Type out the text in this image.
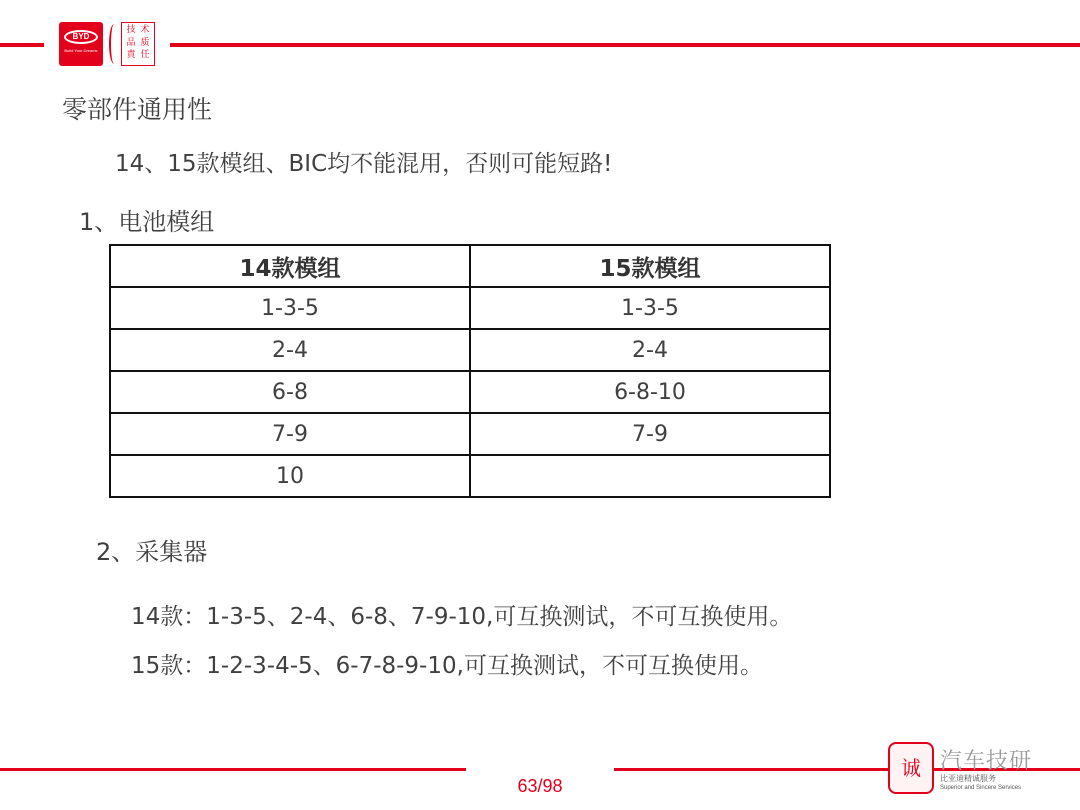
BYD
Build Your Dreams
技 术
品 质
責 任
零部件通用性
14、15款模组、BIC均不能混用，否则可能短路!
1、电池模组
14款模组	15款模组
1-3-5	1-3-5
2-4	2-4
6-8	6-8-10
7-9	7-9
10	
2、采集器
14款：1-3-5、2-4、6-8、7-9-10,可互换测试，不可互换使用。
15款：1-2-3-4-5、6-7-8-9-10,可互换测试，不可互换使用。
63/98
诚 汽车技研
比亚迪精诚服务
Superior and Sincere Services
